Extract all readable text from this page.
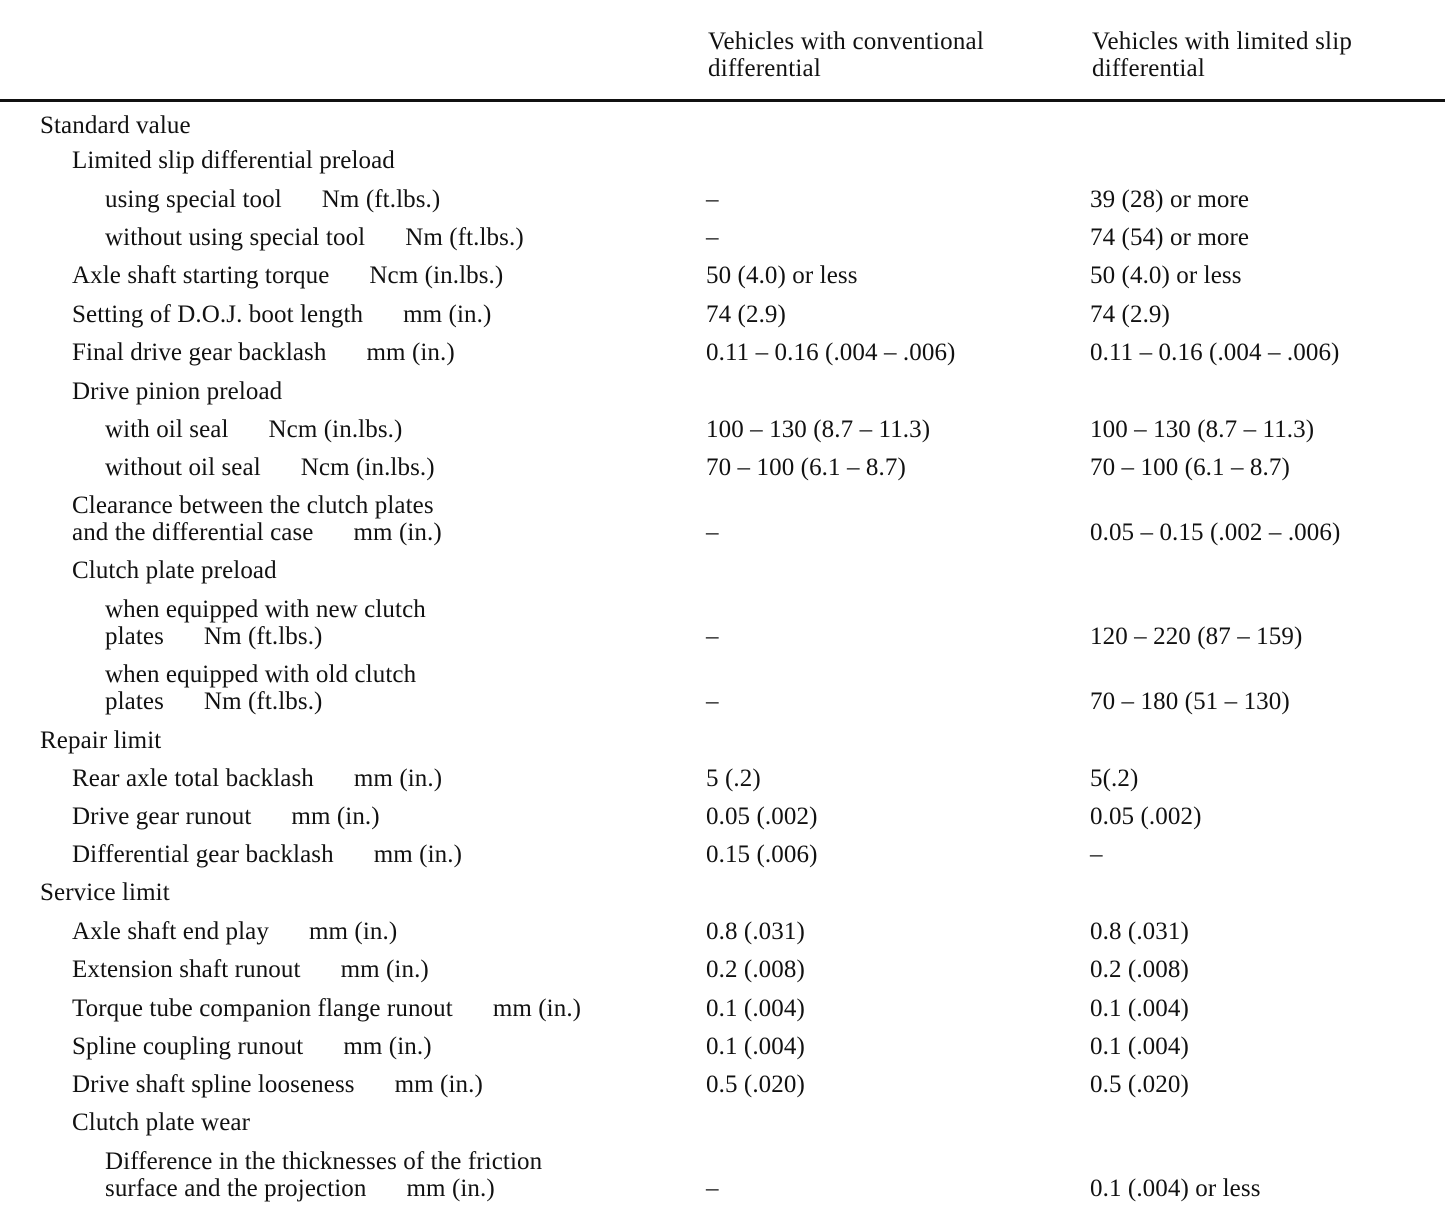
Vehicles with conventional differential
Vehicles with limited slip differential
Standard value
Limited slip differential preload
using special tool Nm (ft.lbs.)	–	39 (28) or more
without using special tool Nm (ft.lbs.)	–	74 (54) or more
Axle shaft starting torque Ncm (in.lbs.)	50 (4.0) or less	50 (4.0) or less
Setting of D.O.J. boot length mm (in.)	74 (2.9)	74 (2.9)
Final drive gear backlash mm (in.)	0.11 – 0.16 (.004 – .006)	0.11 – 0.16 (.004 – .006)
Drive pinion preload
with oil seal Ncm (in.lbs.)	100 – 130 (8.7 – 11.3)	100 – 130 (8.7 – 11.3)
without oil seal Ncm (in.lbs.)	70 – 100 (6.1 – 8.7)	70 – 100 (6.1 – 8.7)
Clearance between the clutch plates
and the differential case mm (in.)	–	0.05 – 0.15 (.002 – .006)
Clutch plate preload
when equipped with new clutch
plates Nm (ft.lbs.)	–	120 – 220 (87 – 159)
when equipped with old clutch
plates Nm (ft.lbs.)	–	70 – 180 (51 – 130)
Repair limit
Rear axle total backlash mm (in.)	5 (.2)	5(.2)
Drive gear runout mm (in.)	0.05 (.002)	0.05 (.002)
Differential gear backlash mm (in.)	0.15 (.006)	–
Service limit
Axle shaft end play mm (in.)	0.8 (.031)	0.8 (.031)
Extension shaft runout mm (in.)	0.2 (.008)	0.2 (.008)
Torque tube companion flange runout mm (in.)	0.1 (.004)	0.1 (.004)
Spline coupling runout mm (in.)	0.1 (.004)	0.1 (.004)
Drive shaft spline looseness mm (in.)	0.5 (.020)	0.5 (.020)
Clutch plate wear
Difference in the thicknesses of the friction
surface and the projection mm (in.)	–	0.1 (.004) or less
